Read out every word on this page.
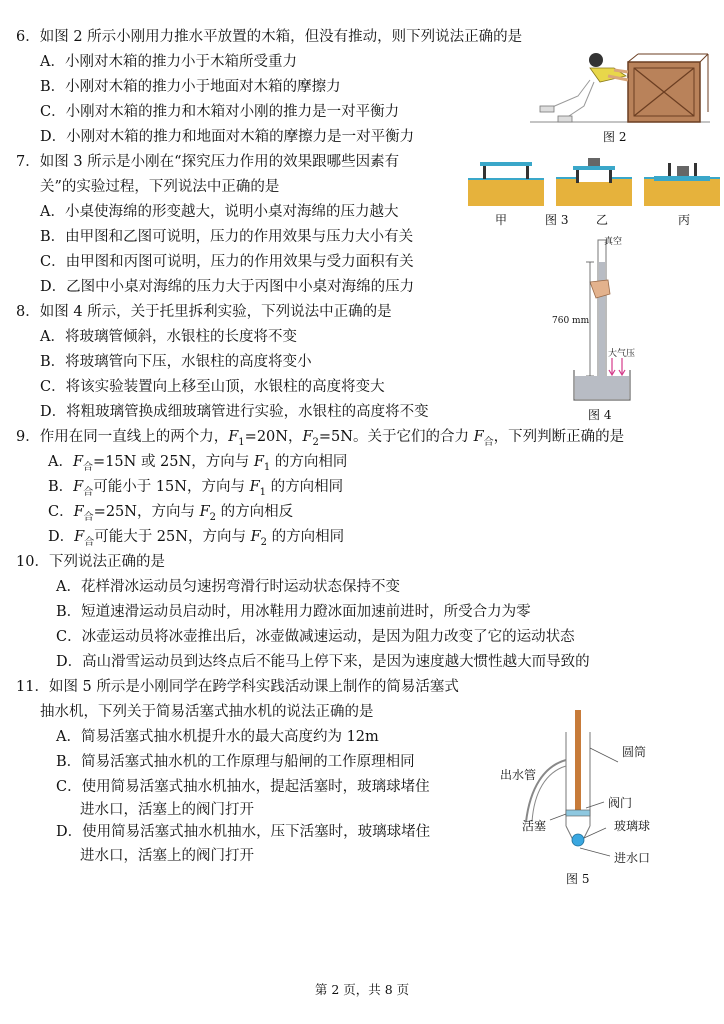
6．如图 2 所示小刚用力推水平放置的木箱，但没有推动，则下列说法正确的是
A．小刚对木箱的推力小于木箱所受重力
B．小刚对木箱的推力小于地面对木箱的摩擦力
C．小刚对木箱的推力和木箱对小刚的推力是一对平衡力
D．小刚对木箱的推力和地面对木箱的摩擦力是一对平衡力	图 2
7．如图 3 所示是小刚在“探究压力作用的效果跟哪些因素有
关”的实验过程，下列说法中正确的是
A．小桌使海绵的形变越大，说明小桌对海绵的压力越大
B．由甲图和乙图可说明，压力的作用效果与压力大小有关
C．由甲图和丙图可说明，压力的作用效果与受力面积有关
D．乙图中小桌对海绵的压力大于丙图中小桌对海绵的压力
甲	图 3 乙	丙
8．如图 4 所示，关于托里拆利实验，下列说法中正确的是
A．将玻璃管倾斜，水银柱的长度将不变
B．将玻璃管向下压，水银柱的高度将变小
C．将该实验装置向上移至山顶，水银柱的高度将变大
D．将粗玻璃管换成细玻璃管进行实验，水银柱的高度将不变
真空
760 mm
大气压
图 4
9．作用在同一直线上的两个力，$F_1=20N$，$F_2=5N$。关于它们的合力 $F_合$，下列判断正确的是
A．$F_合=15N$ 或 25N，方向与 $F_1$ 的方向相同
B．$F_合$可能小于 15N，方向与 $F_1$ 的方向相同
C．$F_合=25N$，方向与 $F_2$ 的方向相反
D．$F_合$可能大于 25N，方向与 $F_2$ 的方向相同
10．下列说法正确的是
A．花样滑冰运动员匀速拐弯滑行时运动状态保持不变
B．短道速滑运动员启动时，用冰鞋用力蹬冰面加速前进时，所受合力为零
C．冰壶运动员将冰壶推出后，冰壶做减速运动，是因为阻力改变了它的运动状态
D．高山滑雪运动员到达终点后不能马上停下来，是因为速度越大惯性越大而导致的
11．如图 5 所示是小刚同学在跨学科实践活动课上制作的简易活塞式
抽水机，下列关于简易活塞式抽水机的说法正确的是
A．简易活塞式抽水机提升水的最大高度约为 12m
B．简易活塞式抽水机的工作原理与船闸的工作原理相同
C．使用简易活塞式抽水机抽水，提起活塞时，玻璃球堵住
进水口，活塞上的阀门打开
D．使用简易活塞式抽水机抽水，压下活塞时，玻璃球堵住
进水口，活塞上的阀门打开
出水管
圆筒
阀门
活塞	玻璃球
进水口
图 5
第 2 页，共 8 页
